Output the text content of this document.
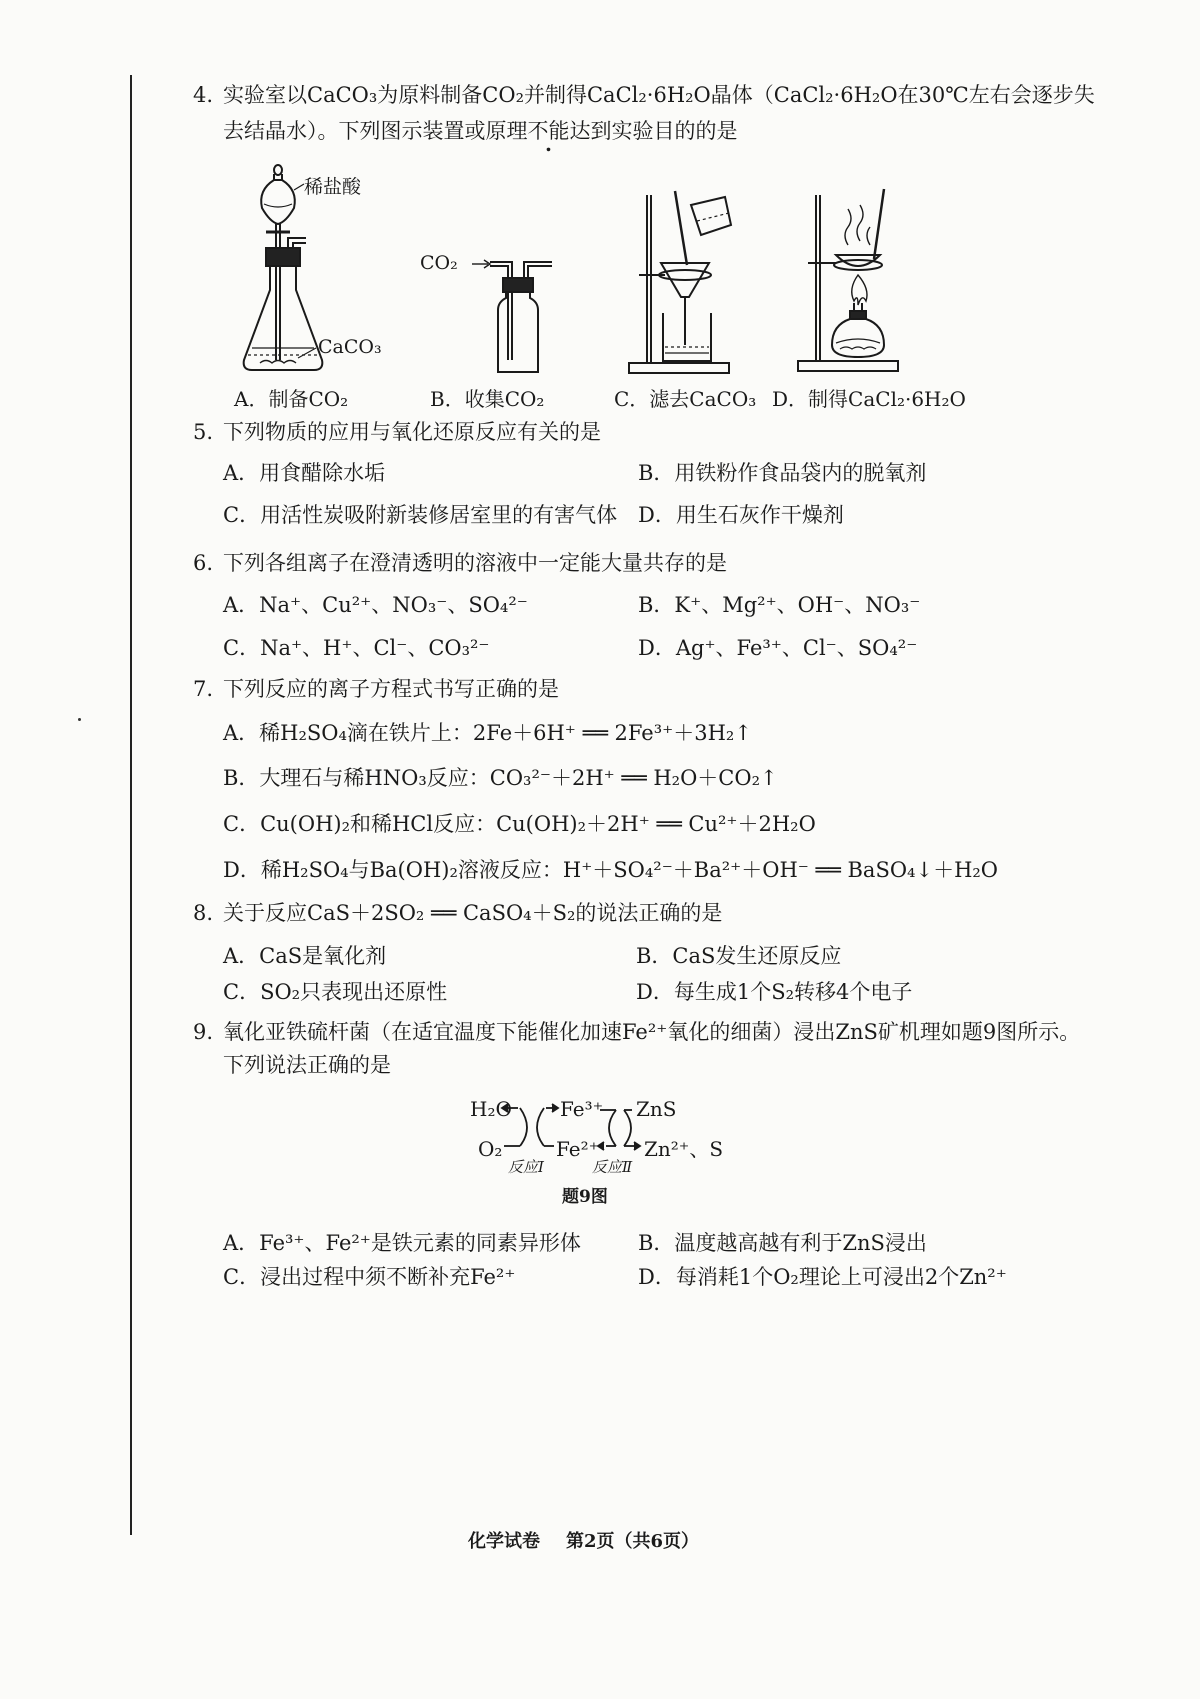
4. 实验室以CaCO₃为原料制备CO₂并制得CaCl₂·6H₂O晶体（CaCl₂·6H₂O在30℃左右会逐步失
去结晶水）。下列图示装置或原理不能达到实验目的的是
稀盐酸
CaCO₃
CO₂
A．制备CO₂	B．收集CO₂	C．滤去CaCO₃ D．制得CaCl₂·6H₂O
5. 下列物质的应用与氧化还原反应有关的是
A．用食醋除水垢	B．用铁粉作食品袋内的脱氧剂
C．用活性炭吸附新装修居室里的有害气体 D．用生石灰作干燥剂
6. 下列各组离子在澄清透明的溶液中一定能大量共存的是
A．Na⁺、Cu²⁺、NO₃⁻、SO₄²⁻	B．K⁺、Mg²⁺、OH⁻、NO₃⁻
C．Na⁺、H⁺、Cl⁻、CO₃²⁻	D．Ag⁺、Fe³⁺、Cl⁻、SO₄²⁻
7. 下列反应的离子方程式书写正确的是
A．稀H₂SO₄滴在铁片上：2Fe＋6H⁺ ══ 2Fe³⁺＋3H₂↑
B．大理石与稀HNO₃反应：CO₃²⁻＋2H⁺ ══ H₂O＋CO₂↑
C．Cu(OH)₂和稀HCl反应：Cu(OH)₂＋2H⁺ ══ Cu²⁺＋2H₂O
D．稀H₂SO₄与Ba(OH)₂溶液反应：H⁺＋SO₄²⁻＋Ba²⁺＋OH⁻ ══ BaSO₄↓＋H₂O
8. 关于反应CaS＋2SO₂ ══ CaSO₄＋S₂的说法正确的是
A．CaS是氧化剂	B．CaS发生还原反应
C．SO₂只表现出还原性	D．每生成1个S₂转移4个电子
9. 氧化亚铁硫杆菌（在适宜温度下能催化加速Fe²⁺氧化的细菌）浸出ZnS矿机理如题9图所示。
下列说法正确的是
H₂O
O₂
Fe³⁺
Fe²⁺
ZnS
Zn²⁺、S
反应Ⅰ	反应Ⅱ
题9图
A．Fe³⁺、Fe²⁺是铁元素的同素异形体	B．温度越高越有利于ZnS浸出
C．浸出过程中须不断补充Fe²⁺	D．每消耗1个O₂理论上可浸出2个Zn²⁺
化学试卷 第2页（共6页）
